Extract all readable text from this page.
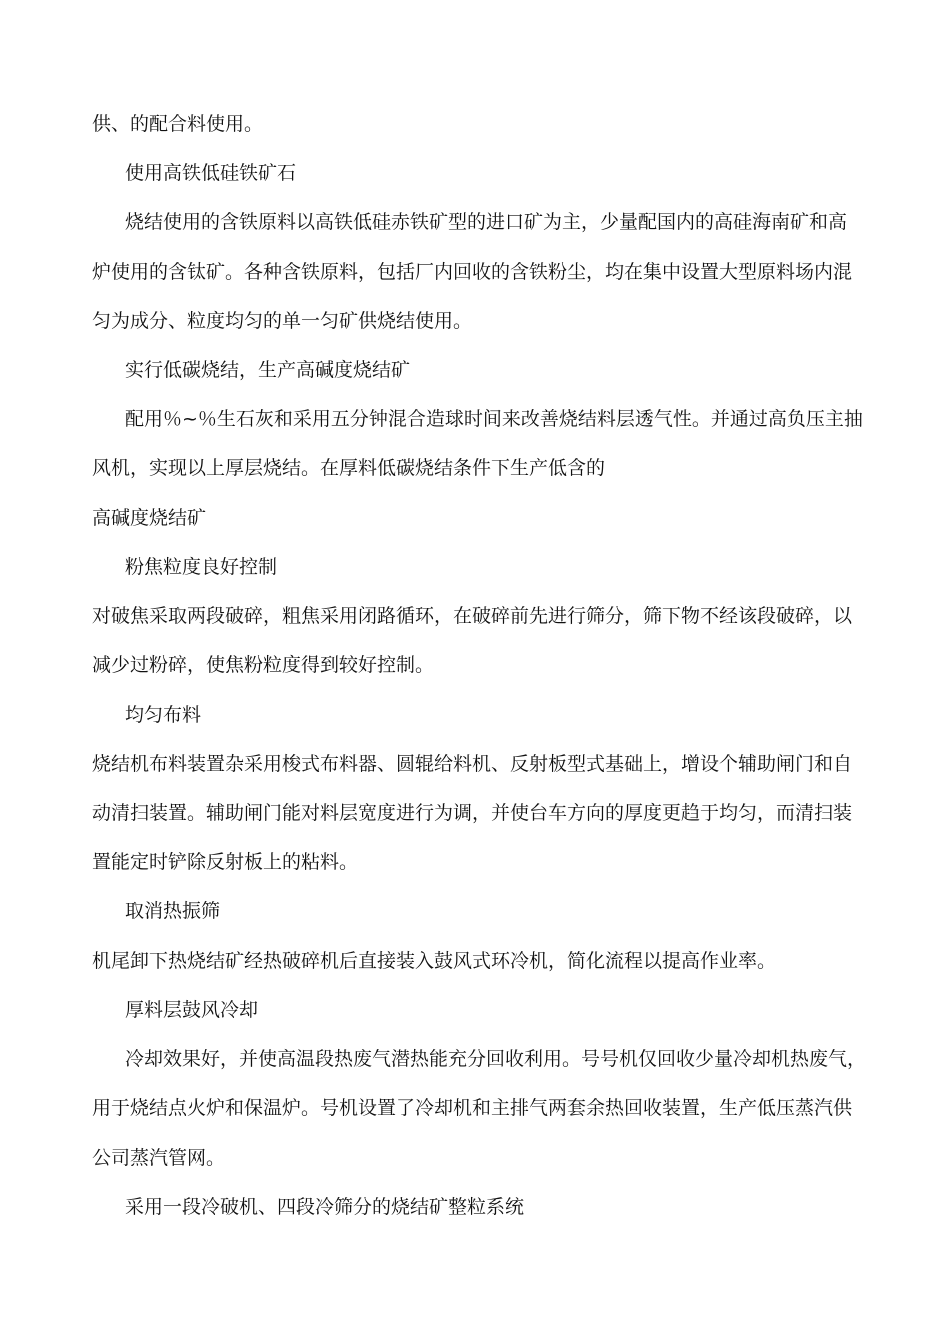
供、的配合料使用。
使用高铁低硅铁矿石
烧结使用的含铁原料以高铁低硅赤铁矿型的进口矿为主，少量配国内的高硅海南矿和高
炉使用的含钛矿。各种含铁原料，包括厂内回收的含铁粉尘，均在集中设置大型原料场内混
匀为成分、粒度均匀的单一匀矿供烧结使用。
实行低碳烧结，生产高碱度烧结矿
配用％~％生石灰和采用五分钟混合造球时间来改善烧结料层透气性。并通过高负压主抽
风机，实现以上厚层烧结。在厚料低碳烧结条件下生产低含的
高碱度烧结矿
粉焦粒度良好控制
对破焦采取两段破碎，粗焦采用闭路循环，在破碎前先进行筛分，筛下物不经该段破碎，以
减少过粉碎，使焦粉粒度得到较好控制。
均匀布料
烧结机布料装置杂采用梭式布料器、圆辊给料机、反射板型式基础上，增设个辅助闸门和自
动清扫装置。辅助闸门能对料层宽度进行为调，并使台车方向的厚度更趋于均匀，而清扫装
置能定时铲除反射板上的粘料。
取消热振筛
机尾卸下热烧结矿经热破碎机后直接装入鼓风式环冷机，简化流程以提高作业率。
厚料层鼓风冷却
冷却效果好，并使高温段热废气潜热能充分回收利用。号号机仅回收少量冷却机热废气，
用于烧结点火炉和保温炉。号机设置了冷却机和主排气两套余热回收装置，生产低压蒸汽供
公司蒸汽管网。
采用一段冷破机、四段冷筛分的烧结矿整粒系统
